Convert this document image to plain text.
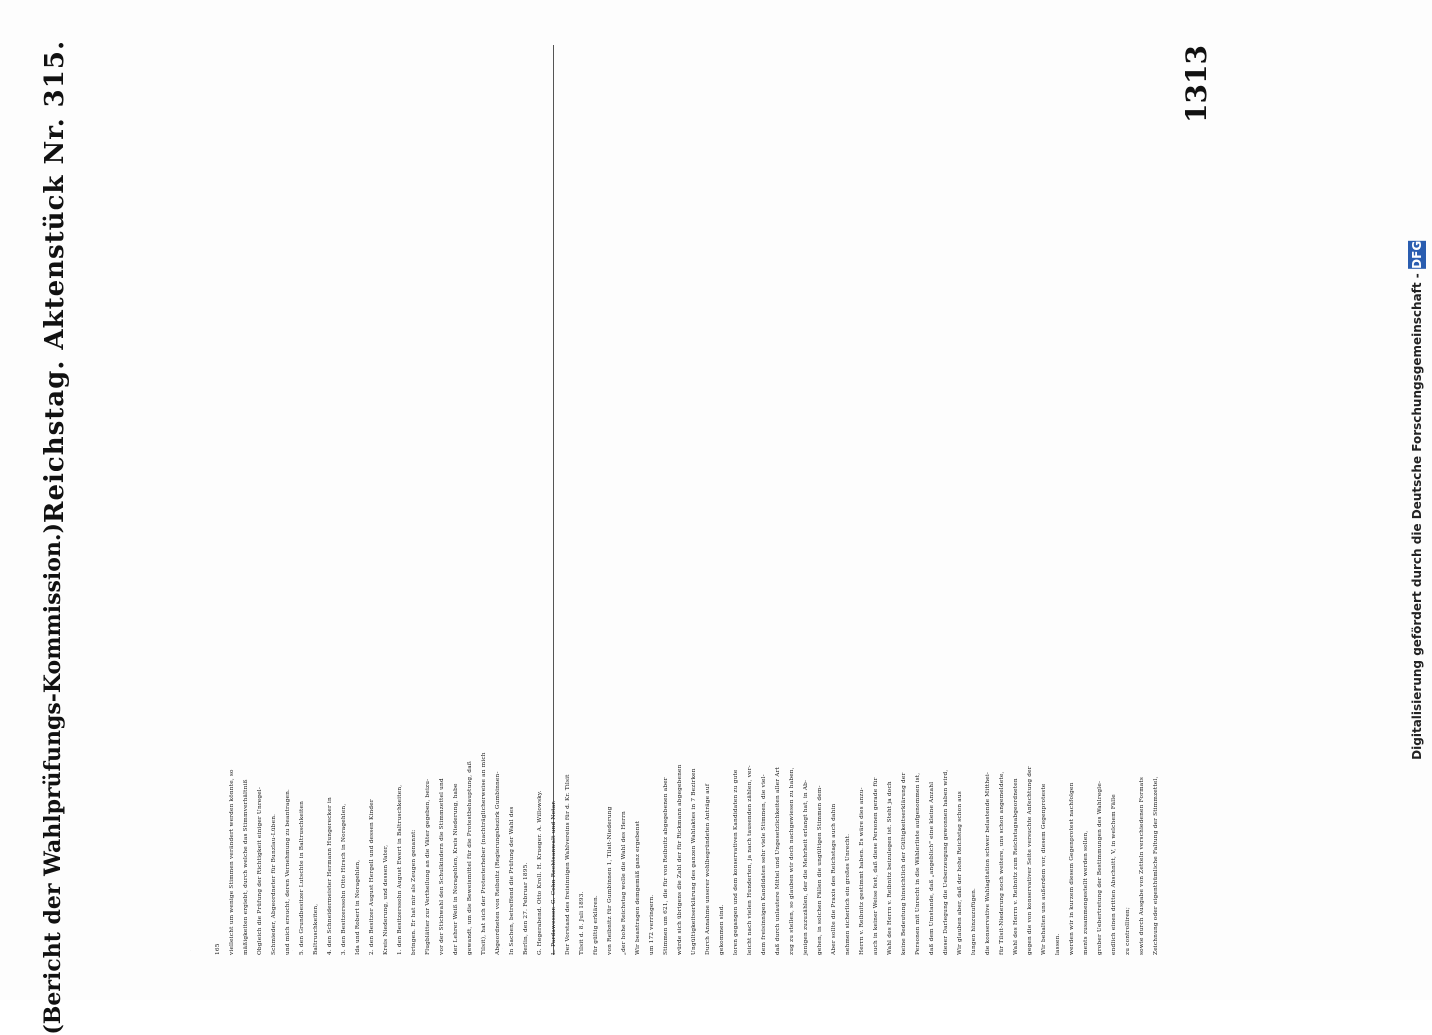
Digitalisierung gefördert durch die Deutsche Forschungsgemeinschaft - DFG
Reichstag. Aktenstück Nr. 315.
(Bericht der Wahlprüfungs-Kommission.)
1313
Zeichnung oder eigenthümliche Faltung der Stimmzettel,
sowie durch Ausgabe von Zetteln verschiedenen Formats
zu controlliren;
endlich einen dritten Abschnitt, V, in welchem Fälle
grober Uebertretung der Bestimmungen des Wahlregle-
ments zusammengestellt werden sollen,
werden wir in kurzem diesem Gegenprotest nachfolgen
lassen.
Wir behalten uns außerdem vor, diesem Gegenproteste
gegen die von konservativer Seite versuchte Anfechtung der
Wahl des Herrn v. Reibnitz zum Reichstagsabgeordneten
für Tilsit-Niederung noch weitere, uns schon angemeldete,
die konservative Wahlagitation schwer belastende Mitthei-
lungen hinzuzufügen.
Wir glauben aber, daß der hohe Reichstag schon aus
dieser Darlegung die Ueberzeugung gewonnen haben wird,
daß dem Umstande, daß „angeblich" eine kleine Anzahl
Personen mit Unrecht in die Wählerliste aufgenommen ist,
keine Bedeutung hinsichtlich der Gültigkeitserklärung der
Wahl des Herrn v. Reibnitz beizulegen ist. Steht ja doch
auch in keiner Weise fest, daß diese Personen gerade für
Herrn v. Reibnitz gestimmt haben. Es wäre dies anzu-
nehmen sicherlich ein großes Unrecht.
Aber sollte die Praxis des Reichstags auch dahin
gehen, in solchen Fällen die ungültigen Stimmen dem-
jenigen zuzuzählen, der die Mehrheit erlangt hat, in Ab-
zug zu stellen, so glauben wir doch nachgewiesen zu haben,
daß durch unlautere Mittel und Ungesetzlichkeiten aller Art
dem freisinnigen Kandidaten sehr viele Stimmen, die viel-
leicht nach vielen Hunderten, ja nach tausenden zählen, ver-
loren gegangen und dem konservativen Kandidaten zu gute
gekommen sind.
Durch Annahme unserer wohlbegründeten Anträge auf
Ungültigkeitserklärung des ganzen Wahlaktes in 7 Bezirken
würde sich übrigens die Zahl der für Rickmann abgegebenen
Stimmen um 621, die für von Reibnitz abgegebenen aber
um 172 verringern.
Wir beantragen demgemäß ganz ergebenst
„der hohe Reichstag wolle die Wahl des Herrn
von Reibnitz für Gumbinnen 1, Tilsit-Niederung
für gültig erklären.
Tilsit d. 8. Juli 1893.
Der Vorstand des freisinnigen Wahlvereins für d. Kr. Tilsit
L. Pardawesser. G. Cohn Rechtsanwalt und Notar.
G. Hegerabend. Otto Kroll. H. Krueger. A. Willowsky.
Berlin, den 27. Februar 1895.
In Sachen, betreffend die Prüfung der Wahl des
Abgeordneten von Reibnitz (Regierungsbezirk Gumbinnen-
Tilsit), hat sich der Protesterheber (nachträglicherweise an mich
gewandt, um die Beweismittel für die Protestbehauptung, daß
der Lehrer Weiß in Noragehlen, Kreis Niederung, habe
vor der Stichwahl den Schulkindern die Stimmzettel und
Flugblätter zur Vertheilung an die Väter gegeben, beizu-
bringen. Er hat mir als Zeugen genannt:
1. den Besitzerssohn August Ewert in Baltruschkeiten,
Kreis Niederung, und dessen Vater,
2. den Besitzer August Hergell und dessen Kinder
Ida und Robert in Noragehlen,
3. den Besitzerssohn Otto Hirsch in Noragehlen,
4. den Schneidermeister Hermann Hungerecker in
Baltruschkeiten,
5. den Grundbesitzer Lutschte in Baltruschkeiten
und mich ersucht, deren Vernehmung zu beantragen.
Schmieder, Abgeordneter für Bunzlau-Lüben.
Obgleich die Prüfung der Richtigkeit einiger Unregel-
mäßigkeiten ergiebt, durch welche das Stimmverhältniß
vielleicht um wenige Stimmen verändert werden könnte, so
165
